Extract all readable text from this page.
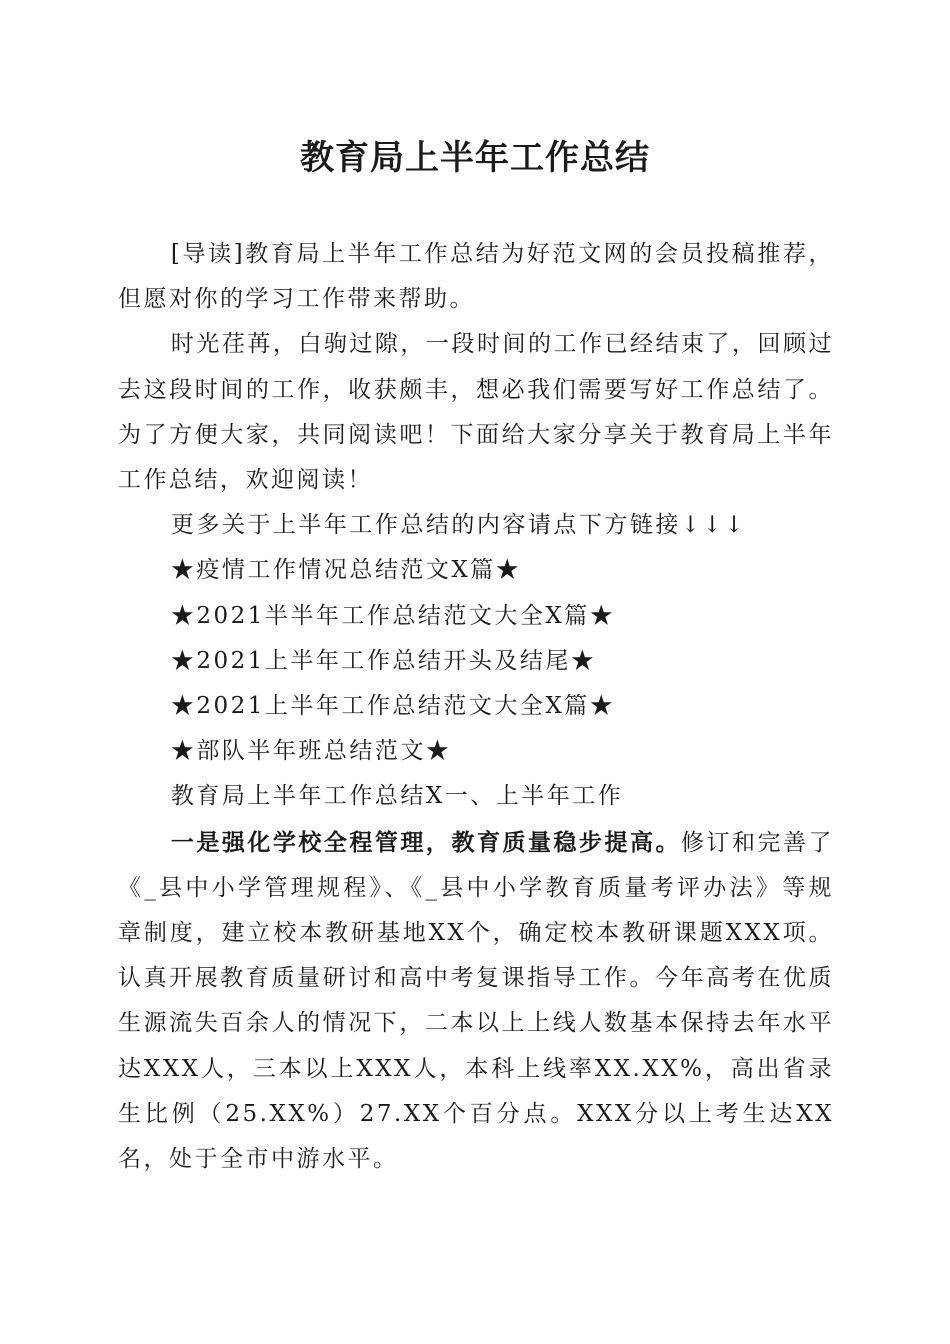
教育局上半年工作总结

[导读]教育局上半年工作总结为好范文网的会员投稿推荐，但愿对你的学习工作带来帮助。

时光荏苒，白驹过隙，一段时间的工作已经结束了，回顾过去这段时间的工作，收获颇丰，想必我们需要写好工作总结了。为了方便大家，共同阅读吧！下面给大家分享关于教育局上半年工作总结，欢迎阅读！

更多关于上半年工作总结的内容请点下方链接↓↓↓

★疫情工作情况总结范文X篇★

★2021半半年工作总结范文大全X篇★

★2021上半年工作总结开头及结尾★

★2021上半年工作总结范文大全X篇★

★部队半年班总结范文★

教育局上半年工作总结X一、上半年工作

一是强化学校全程管理，教育质量稳步提高。修订和完善了《_县中小学管理规程》、《_县中小学教育质量考评办法》等规章制度，建立校本教研基地XX个，确定校本教研课题XXX项。认真开展教育质量研讨和高中考复课指导工作。今年高考在优质生源流失百余人的情况下，二本以上上线人数基本保持去年水平达XXX人，三本以上XXX人，本科上线率XX.XX%，高出省录生比例（25.XX%）27.XX个百分点。XXX分以上考生达XX名，处于全市中游水平。
